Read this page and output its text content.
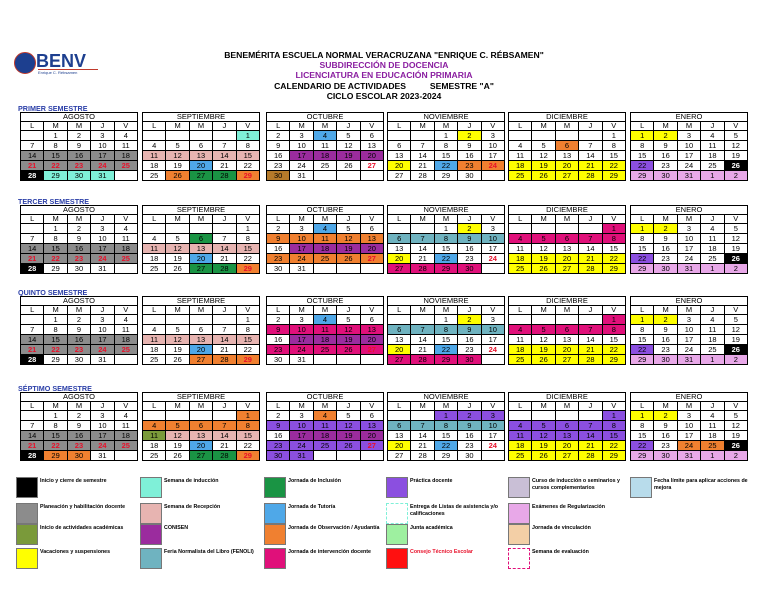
BENV
Enrique C. Rébsamen
BENEMÉRITA ESCUELA NORMAL VERACRUZANA "ENRIQUE C. RÉBSAMEN"
SUBDIRECCIÓN DE DOCENCIA
LICENCIATURA EN EDUCACIÓN PRIMARIA
CALENDARIO DE ACTIVIDADES          SEMESTRE "A"
CICLO ESCOLAR 2023-2024
PRIMER SEMESTRE
AGOSTO				
L	M	M	J	V
	1	2	3	4
7	8	9	10	11
14	15	16	17	18
21	22	23	24	25
28	29	30	31	
SEPTIEMBRE				
L	M	M	J	V
				1
4	5	6	7	8
11	12	13	14	15
18	19	20	21	22
25	26	27	28	29
OCTUBRE				
L	M	M	J	V
2	3	4	5	6
9	10	11	12	13
16	17	18	19	20
23	24	25	26	27
30	31			
NOVIEMBRE				
L	M	M	J	V
		1	2	3
6	7	8	9	10
13	14	15	16	17
20	21	22	23	24
27	28	29	30	
DICIEMBRE				
L	M	M	J	V
				1
4	5	6	7	8
11	12	13	14	15
18	19	20	21	22
25	26	27	28	29
ENERO				
L	M	M	J	V
1	2	3	4	5
8	9	10	11	12
15	16	17	18	19
22	23	24	25	26
29	30	31	1	2
TERCER SEMESTRE
AGOSTO				
L	M	M	J	V
	1	2	3	4
7	8	9	10	11
14	15	16	17	18
21	22	23	24	25
28	29	30	31	
SEPTIEMBRE				
L	M	M	J	V
				1
4	5	6	7	8
11	12	13	14	15
18	19	20	21	22
25	26	27	28	29
OCTUBRE				
L	M	M	J	V
2	3	4	5	6
9	10	11	12	13
16	17	18	19	20
23	24	25	26	27
30	31			
NOVIEMBRE				
L	M	M	J	V
		1	2	3
6	7	8	9	10
13	14	15	16	17
20	21	22	23	24
27	28	29	30	
DICIEMBRE				
L	M	M	J	V
				1
4	5	6	7	8
11	12	13	14	15
18	19	20	21	22
25	26	27	28	29
ENERO				
L	M	M	J	V
1	2	3	4	5
8	9	10	11	12
15	16	17	18	19
22	23	24	25	26
29	30	31	1	2
QUINTO SEMESTRE
AGOSTO				
L	M	M	J	V
	1	2	3	4
7	8	9	10	11
14	15	16	17	18
21	22	23	24	25
28	29	30	31	
SEPTIEMBRE				
L	M	M	J	V
				1
4	5	6	7	8
11	12	13	14	15
18	19	20	21	22
25	26	27	28	29
OCTUBRE				
L	M	M	J	V
2	3	4	5	6
9	10	11	12	13
16	17	18	19	20
23	24	25	26	27
30	31			
NOVIEMBRE				
L	M	M	J	V
		1	2	3
6	7	8	9	10
13	14	15	16	17
20	21	22	23	24
27	28	29	30	
DICIEMBRE				
L	M	M	J	V
				1
4	5	6	7	8
11	12	13	14	15
18	19	20	21	22
25	26	27	28	29
ENERO				
L	M	M	J	V
1	2	3	4	5
8	9	10	11	12
15	16	17	18	19
22	23	24	25	26
29	30	31	1	2
SÉPTIMO SEMESTRE
AGOSTO				
L	M	M	J	V
	1	2	3	4
7	8	9	10	11
14	15	16	17	18
21	22	23	24	25
28	29	30	31	
SEPTIEMBRE				
L	M	M	J	V
				1
4	5	6	7	8
11	12	13	14	15
18	19	20	21	22
25	26	27	28	29
OCTUBRE				
L	M	M	J	V
2	3	4	5	6
9	10	11	12	13
16	17	18	19	20
23	24	25	26	27
30	31			
NOVIEMBRE				
L	M	M	J	V
		1	2	3
6	7	8	9	10
13	14	15	16	17
20	21	22	23	24
27	28	29	30	
DICIEMBRE				
L	M	M	J	V
				1
4	5	6	7	8
11	12	13	14	15
18	19	20	21	22
25	26	27	28	29
ENERO				
L	M	M	J	V
1	2	3	4	5
8	9	10	11	12
15	16	17	18	19
22	23	24	25	26
29	30	31	1	2
Inicio y cierre de semestre	Semana de inducción	Jornada de Inclusión	Práctica docente	Curso de inducción o seminarios y cursos complementarios
Fecha límite para aplicar acciones de mejora
Planeación y habilitación docente	Semana de Recepción	Jornada de Tutoría	Entrega de Listas de asistencia y/o calificaciones
Exámenes de Regularización
Inicio de actividades académicas	CONISEN	Jornada de Observación / Ayudantía	Junta académica	Jornada de vinculación
Vacaciones y suspensiones	Feria Normalista del Libro (FENOLI)	Jornada de intervención docente	Consejo Técnico Escolar	Semana de evaluación
